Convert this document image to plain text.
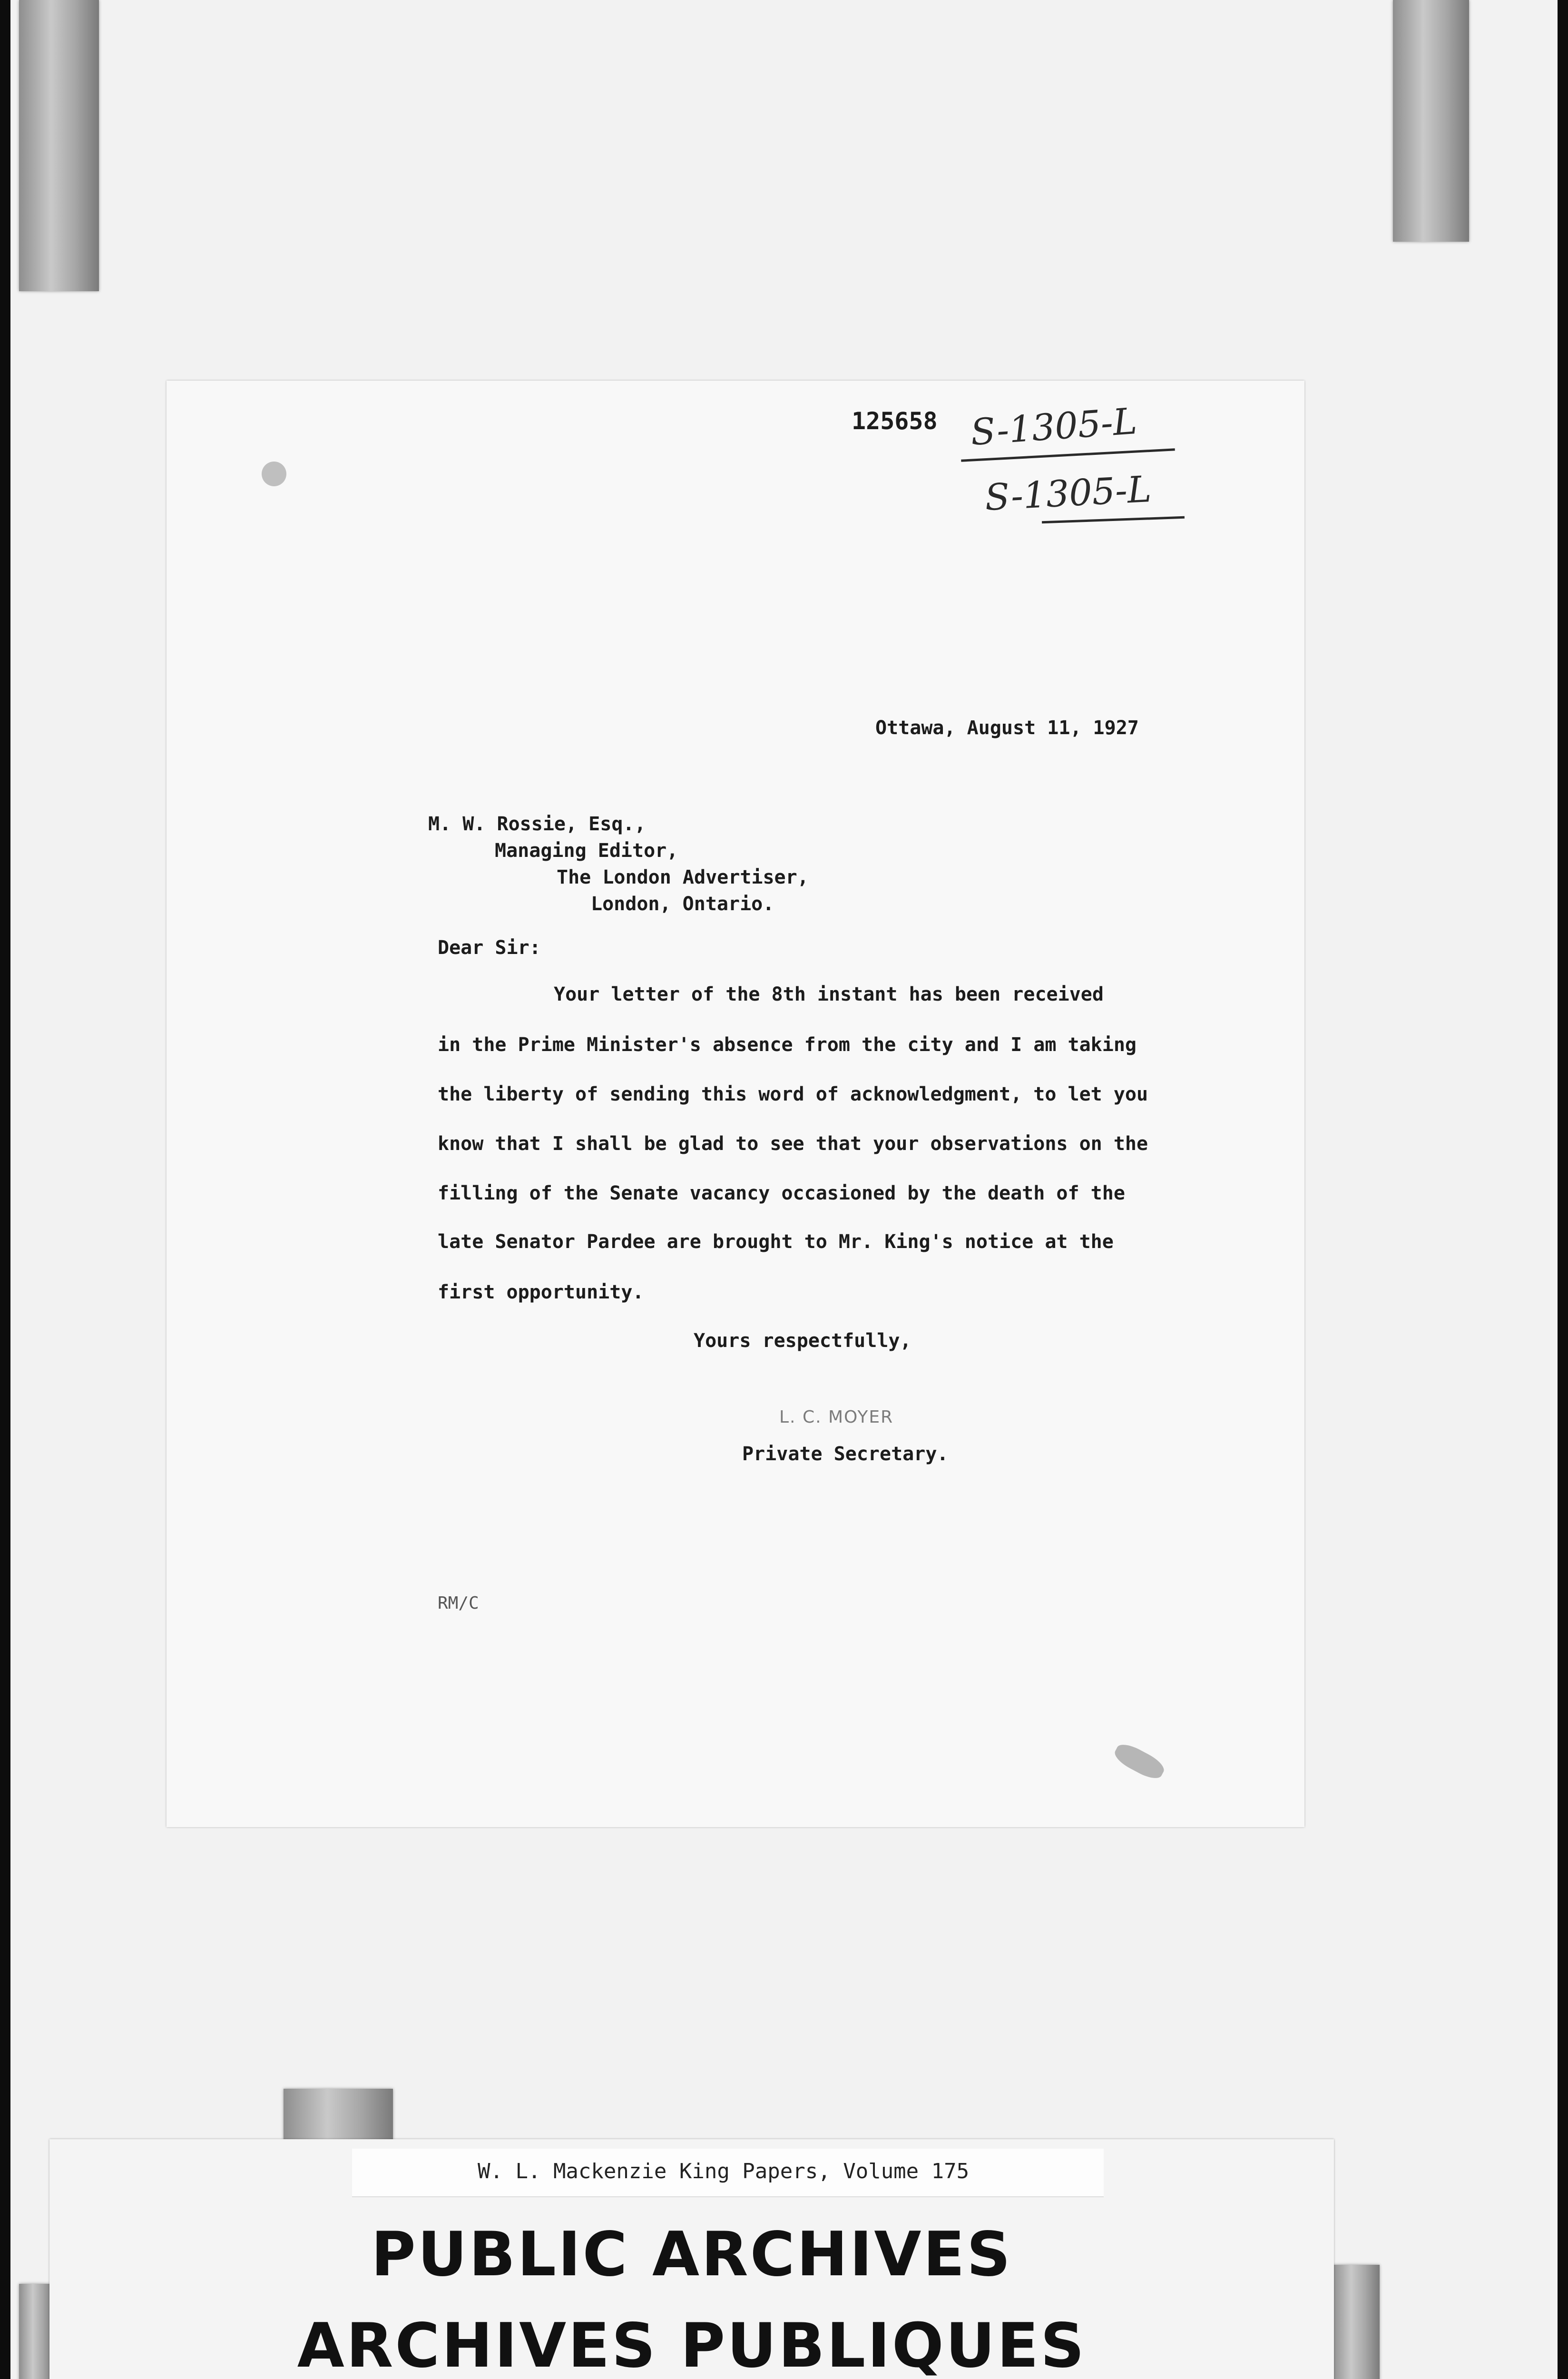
125658 S-1305-L
S-1305-L
Ottawa, August 11, 1927
M. W. Rossie, Esq.,
Managing Editor,
The London Advertiser,
London, Ontario.
Dear Sir:
Your letter of the 8th instant has been received
in the Prime Minister's absence from the city and I am taking
the liberty of sending this word of acknowledgment, to let you
know that I shall be glad to see that your observations on the
filling of the Senate vacancy occasioned by the death of the
late Senator Pardee are brought to Mr. King's notice at the
first opportunity.
Yours respectfully,
L. C. MOYER
Private Secretary.
RM/C
W. L. Mackenzie King Papers, Volume 175
PUBLIC ARCHIVES
ARCHIVES PUBLIQUES
